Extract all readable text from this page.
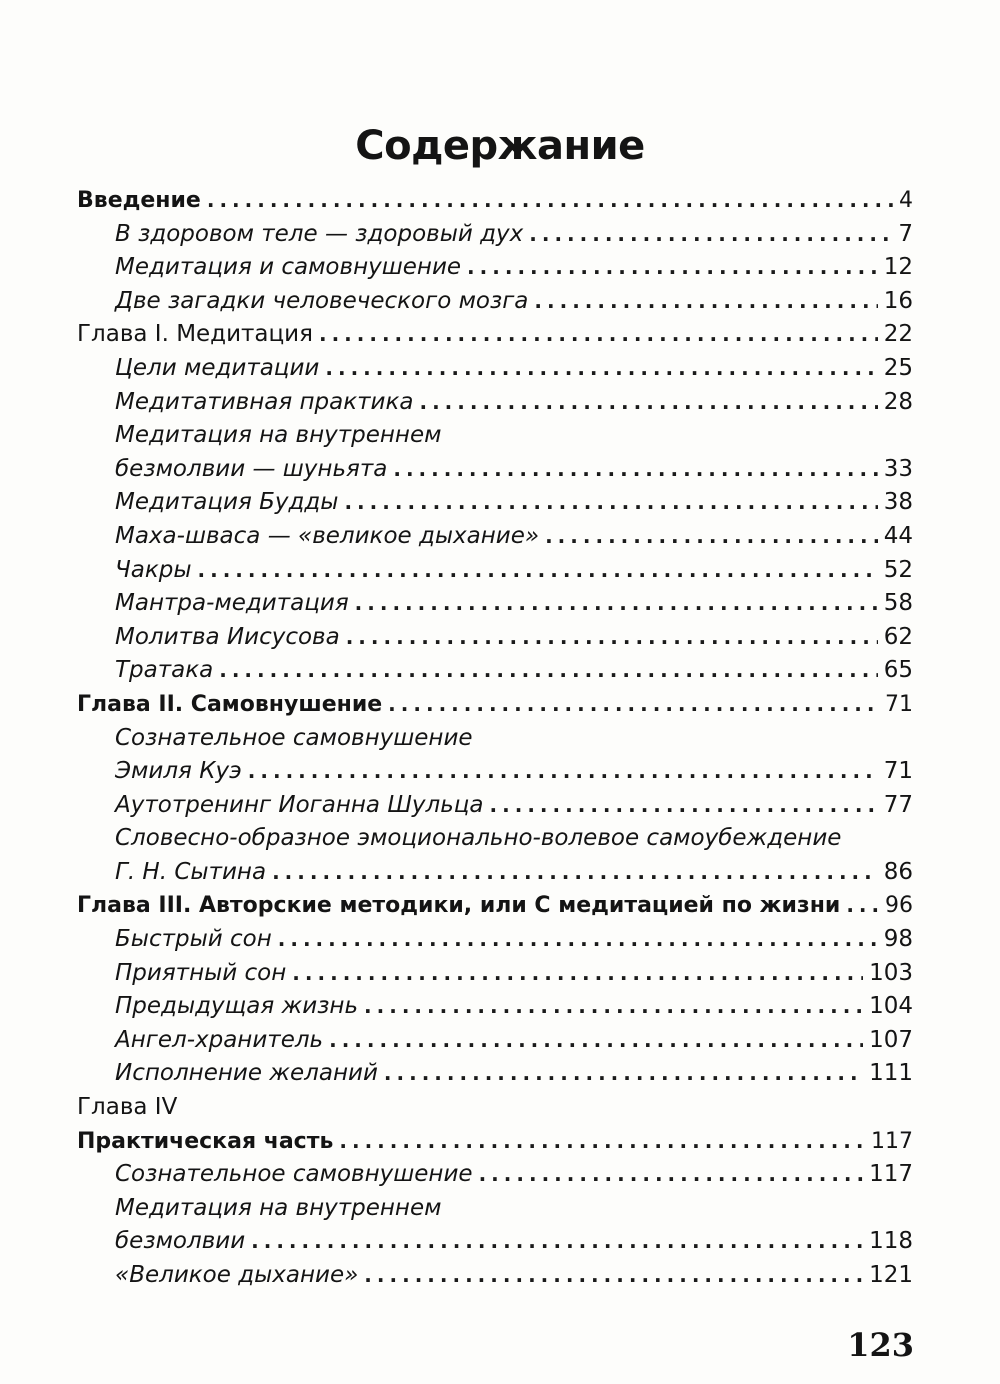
Содержание
Введение .....	4
В здоровом теле — здоровый дух .....	7
Медитация и самовнушение .....	12
Две загадки человеческого мозга .....	16
Глава I. Медитация .....	22
Цели медитации .....	25
Медитативная практика .....	28
Медитация на внутреннем
безмолвии — шуньята .....	33
Медитация Будды .....	38
Маха-шваса — «великое дыхание» .....	44
Чакры .....	52
Мантра-медитация .....	58
Молитва Иисусова .....	62
Тратака .....	65
Глава II. Самовнушение .....	71
Сознательное самовнушение
Эмиля Куэ .....	71
Аутотренинг Иоганна Шульца .....	77
Словесно-образное эмоционально-волевое самоубеждение
Г. Н. Сытина .....	86
Глава III. Авторские методики, или С медитацией по жизни ..... 96
Быстрый сон .....	98
Приятный сон .....	103
Предыдущая жизнь .....	104
Ангел-хранитель .....	107
Исполнение желаний .....	111
Глава IV
Практическая часть .....	117
Сознательное самовнушение .....	117
Медитация на внутреннем
безмолвии .....	118
«Великое дыхание» .....	121
123
